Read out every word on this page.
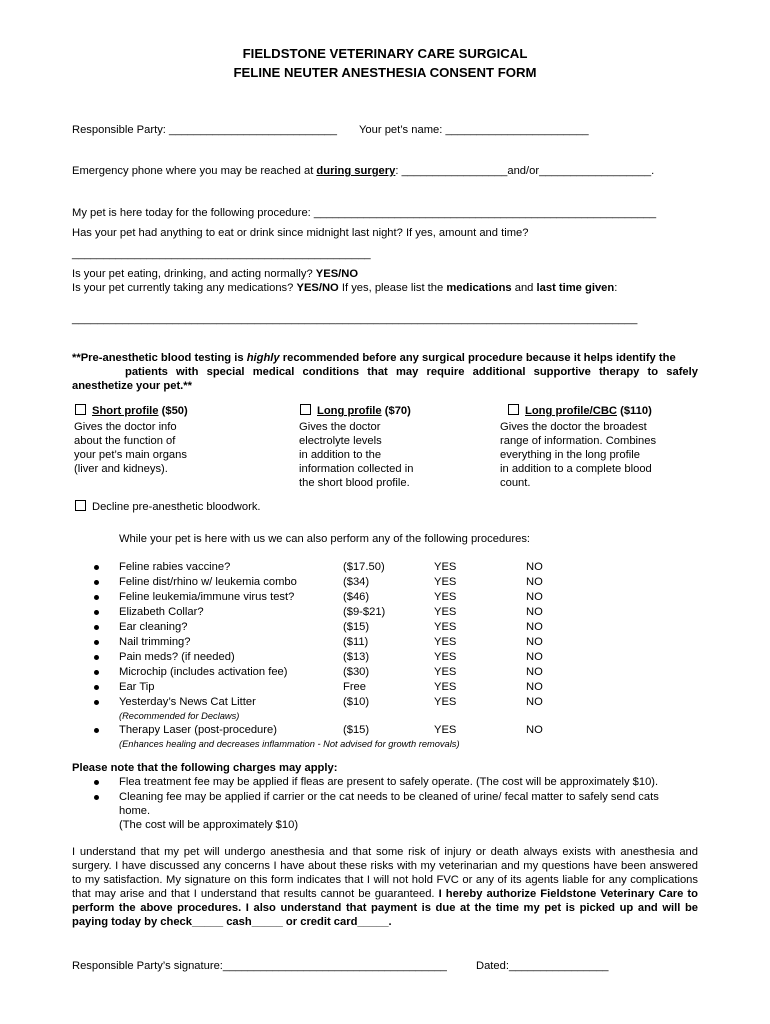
FIELDSTONE VETERINARY CARE SURGICAL
FELINE NEUTER ANESTHESIA CONSENT FORM
Responsible Party: ___________________________ Your pet’s name: _______________________
Emergency phone where you may be reached at during surgery: _________________and/or__________________.
My pet is here today for the following procedure: _______________________________________________________
Has your pet had anything to eat or drink since midnight last night? If yes, amount and time?
________________________________________________
Is your pet eating, drinking, and acting normally? YES/NO
Is your pet currently taking any medications? YES/NO If yes, please list the medications and last time given:
__________________________________________________________________________________________
**Pre-anesthetic blood testing is highly recommended before any surgical procedure because it helps identify the
patients with special medical conditions that may require additional supportive therapy to safely
anesthetize your pet.**
Short profile ($50)
Gives the doctor info
about the function of
your pet’s main organs
(liver and kidneys).
Long profile ($70)
Gives the doctor
electrolyte levels
in addition to the
information collected in
the short blood profile.
Long profile/CBC ($110)
Gives the doctor the broadest
range of information. Combines
everything in the long profile
in addition to a complete blood
count.
Decline pre-anesthetic bloodwork.
While your pet is here with us we can also perform any of the following procedures:
Feline rabies vaccine?	($17.50)	YES	NO
Feline dist/rhino w/ leukemia combo	($34)	YES	NO
Feline leukemia/immune virus test?	($46)	YES	NO
Elizabeth Collar?	($9-$21)	YES	NO
Ear cleaning?	($15)	YES	NO
Nail trimming?	($11)	YES	NO
Pain meds? (if needed)	($13)	YES	NO
Microchip (includes activation fee)	($30)	YES	NO
Ear Tip	Free	YES	NO
Yesterday’s News Cat Litter	($10)	YES	NO
Therapy Laser (post-procedure)	($15)	YES	NO
(Recommended for Declaws)
(Enhances healing and decreases inflammation - Not advised for growth removals)
Please note that the following charges may apply:
Flea treatment fee may be applied if fleas are present to safely operate. (The cost will be approximately $10).
Cleaning fee may be applied if carrier or the cat needs to be cleaned of urine/ fecal matter to safely send cats
home.
(The cost will be approximately $10)
I understand that my pet will undergo anesthesia and that some risk of injury or death always exists with anesthesia and surgery. I have discussed any concerns I have about these risks with my veterinarian and my questions have been answered to my satisfaction. My signature on this form indicates that I will not hold FVC or any of its agents liable for any complications that may arise and that I understand that results cannot be guaranteed. I hereby authorize Fieldstone Veterinary Care to perform the above procedures. I also understand that payment is due at the time my pet is picked up and will be paying today by check_____ cash_____ or credit card_____.
Responsible Party’s signature:____________________________________	Dated:________________
